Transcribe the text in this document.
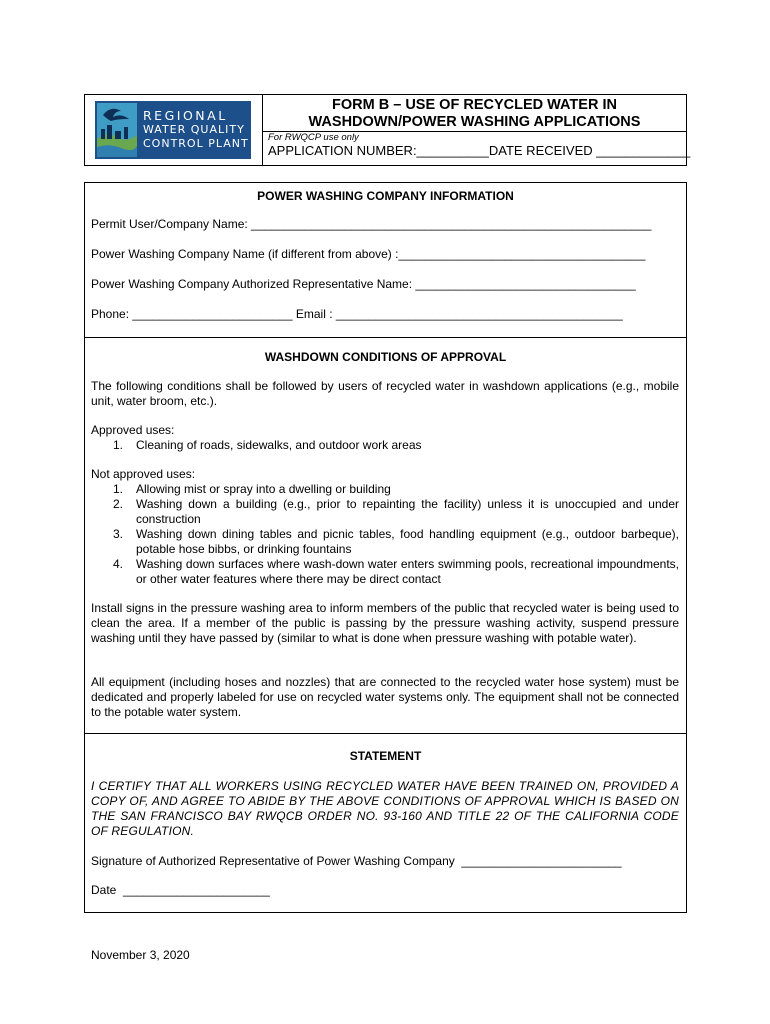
REGIONAL
WATER QUALITY
CONTROL PLANT
FORM B – USE OF RECYCLED WATER IN
WASHDOWN/POWER WASHING APPLICATIONS
For RWQCP use only
APPLICATION NUMBER:__________DATE RECEIVED _____________
POWER WASHING COMPANY INFORMATION
Permit User/Company Name: ____________________________________________________________
Power Washing Company Name (if different from above) :_____________________________________
Power Washing Company Authorized Representative Name: _________________________________
Phone: ________________________ Email : ___________________________________________
WASHDOWN CONDITIONS OF APPROVAL

The following conditions shall be followed by users of recycled water in washdown applications (e.g., mobile unit, water broom, etc.).

Approved uses:
1. Cleaning of roads, sidewalks, and outdoor work areas
Not approved uses:
1. Allowing mist or spray into a dwelling or building
2. Washing down a building (e.g., prior to repainting the facility) unless it is unoccupied and under construction
3. Washing down dining tables and picnic tables, food handling equipment (e.g., outdoor barbeque), potable hose bibbs, or drinking fountains
4. Washing down surfaces where wash-down water enters swimming pools, recreational impoundments, or other water features where there may be direct contact

Install signs in the pressure washing area to inform members of the public that recycled water is being used to clean the area. If a member of the public is passing by the pressure washing activity, suspend pressure washing until they have passed by (similar to what is done when pressure washing with potable water).

All equipment (including hoses and nozzles) that are connected to the recycled water hose system) must be dedicated and properly labeled for use on recycled water systems only. The equipment shall not be connected to the potable water system.

STATEMENT

I CERTIFY THAT ALL WORKERS USING RECYCLED WATER HAVE BEEN TRAINED ON, PROVIDED A COPY OF, AND AGREE TO ABIDE BY THE ABOVE CONDITIONS OF APPROVAL WHICH IS BASED ON THE SAN FRANCISCO BAY RWQCB ORDER NO. 93-160 AND TITLE 22 OF THE CALIFORNIA CODE OF REGULATION.

Signature of Authorized Representative of Power Washing Company  ________________________
Date  ______________________
November 3, 2020
